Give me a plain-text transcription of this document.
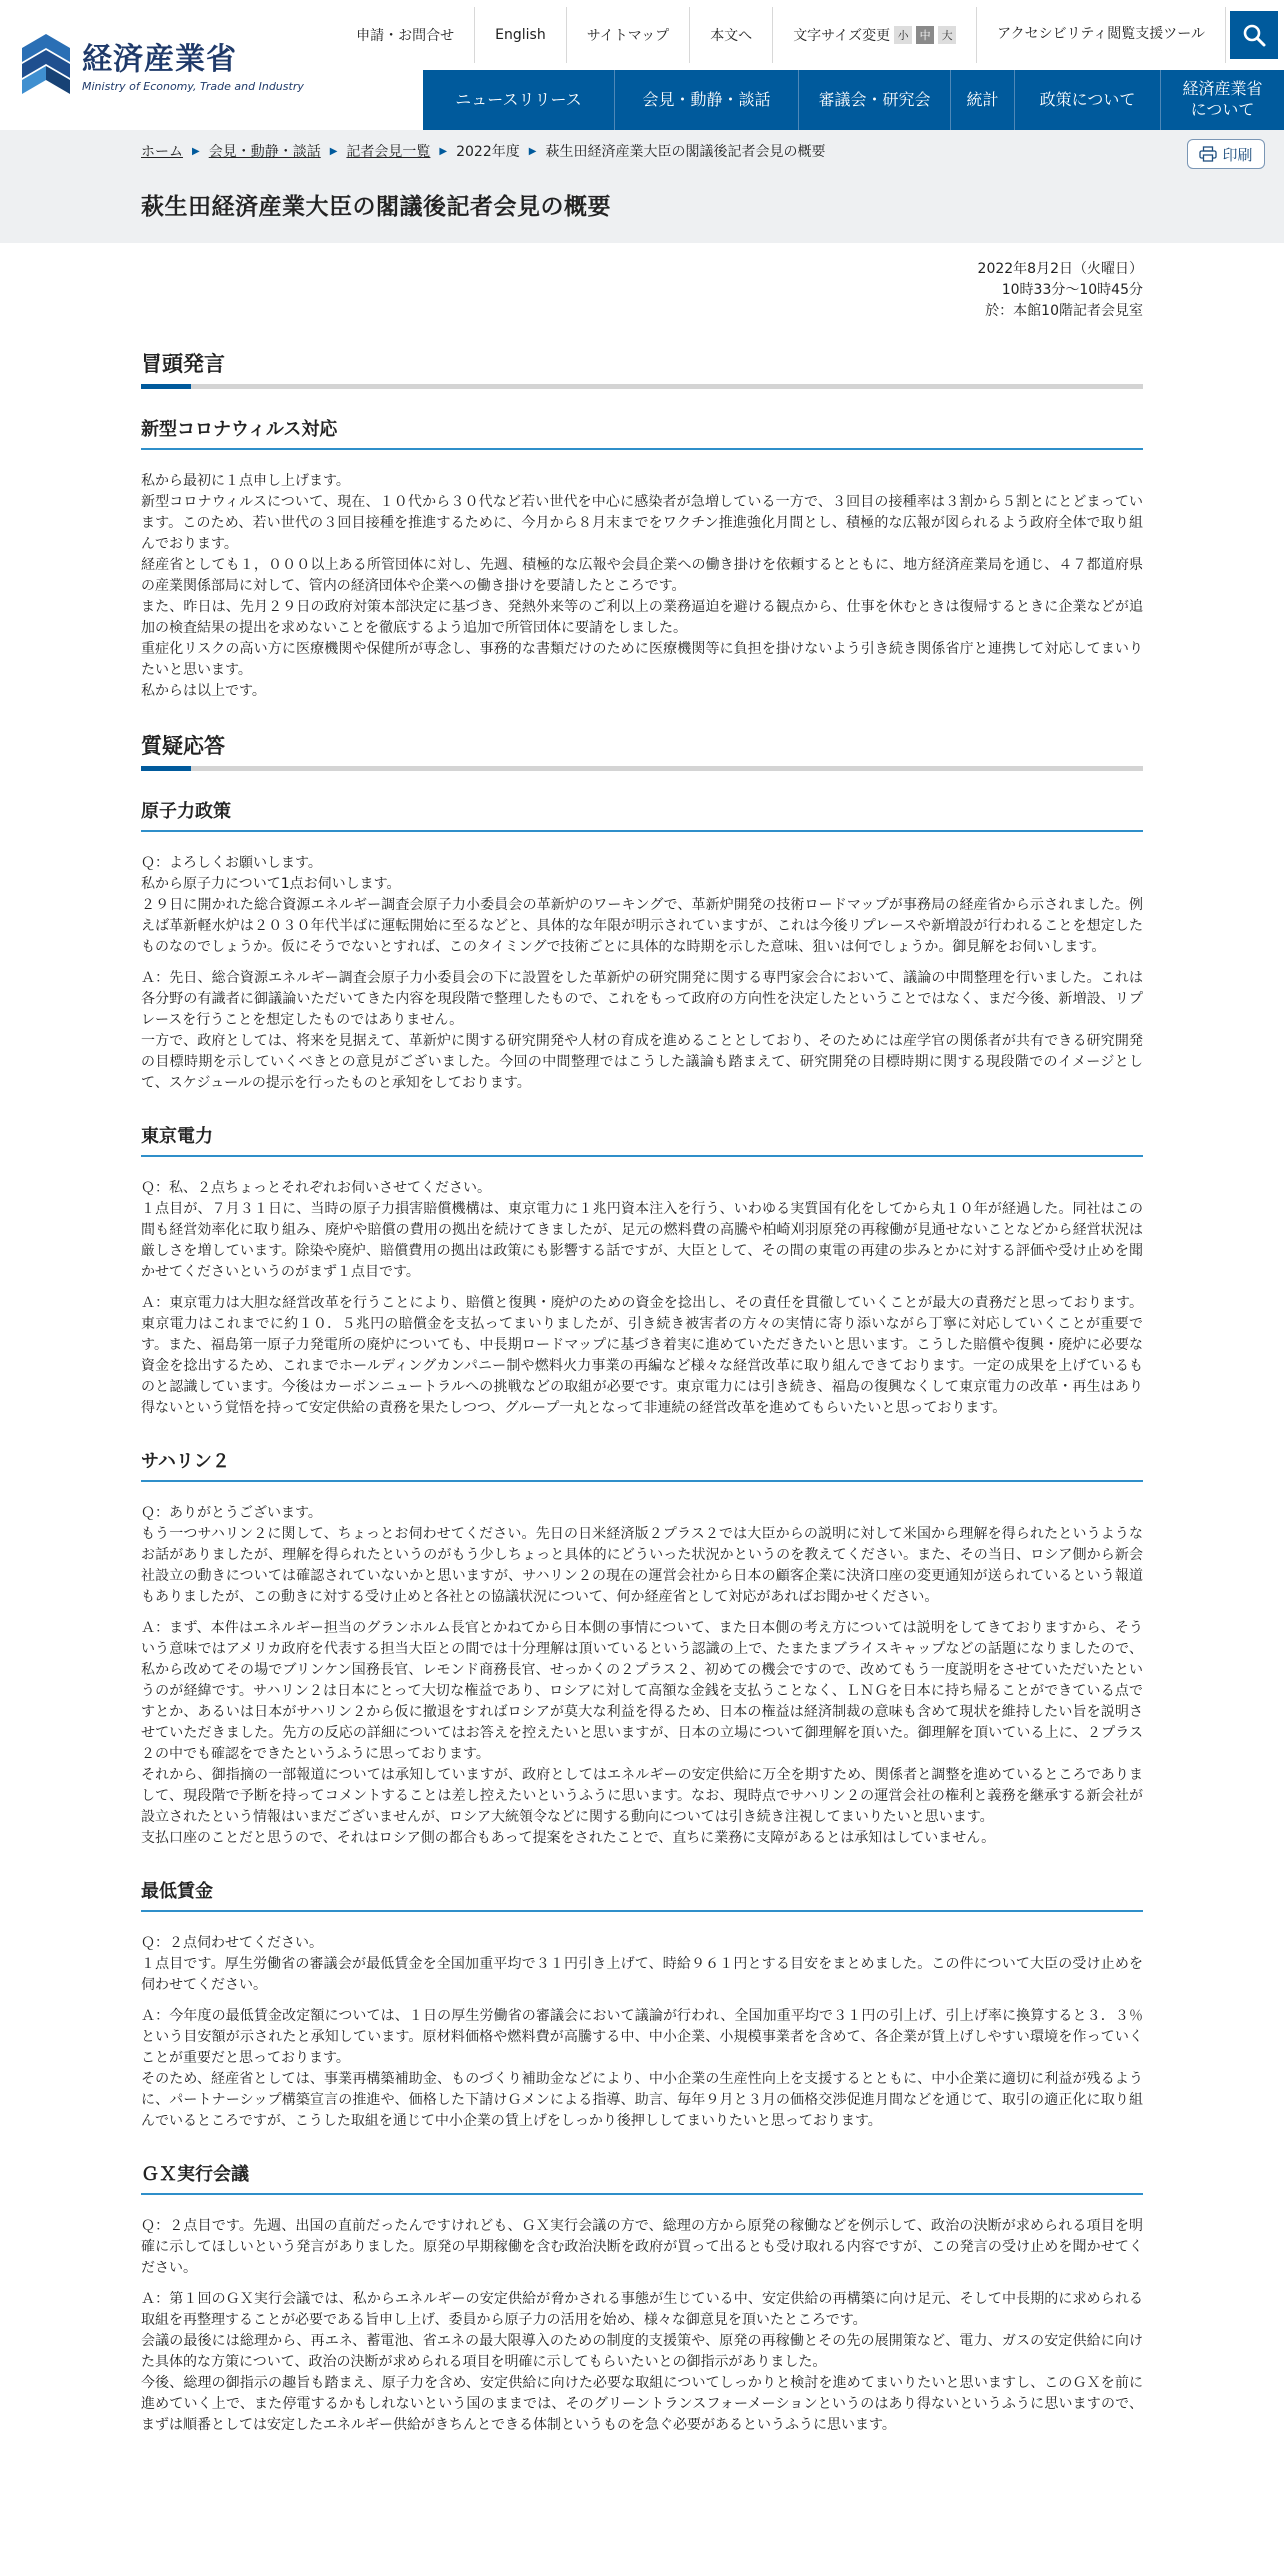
経済産業省
Ministry of Economy, Trade and Industry
申請・お問合せ	English	サイトマップ	本文へ	文字サイズ変更 小	中	大	アクセシビリティ 閲覧支援ツール
ニュースリリース	会見・動静・談話	審議会・研究会	統計	政策について
経済産業省
について
ホーム ▶ 会見・動静・談話 ▶ 記者会見一覧 ▶ 2022年度 ▶ 萩生田経済産業大臣の閣議後記者会見の概要	印刷
萩生田経済産業大臣の閣議後記者会見の概要
2022年8月2日（火曜日）
10時33分～10時45分
於：本館10階記者会見室
冒頭発言
新型コロナウィルス対応

私から最初に１点申し上げます。

新型コロナウィルスについて、現在、１０代から３０代など若い世代を中心に感染者が急増している一方で、３回目の接種率は３割から５割とにとどまっています。このため、若い世代の３回目接種を推進するために、今月から８月末までをワクチン推進強化月間とし、積極的な広報が図られるよう政府全体で取り組んでおります。

経産省としても１，０００以上ある所管団体に対し、先週、積極的な広報や会員企業への働き掛けを依頼するとともに、地方経済産業局を通じ、４７都道府県の産業関係部局に対して、管内の経済団体や企業への働き掛けを要請したところです。

また、昨日は、先月２９日の政府対策本部決定に基づき、発熱外来等のご利以上の業務逼迫を避ける観点から、仕事を休むときは復帰するときに企業などが追加の検査結果の提出を求めないことを徹底するよう追加で所管団体に要請をしました。

重症化リスクの高い方に医療機関や保健所が専念し、事務的な書類だけのために医療機関等に負担を掛けないよう引き続き関係省庁と連携して対応してまいりたいと思います。

私からは以上です。

質疑応答
原子力政策

Ｑ：よろしくお願いします。

私から原子力について1点お伺いします。

２９日に開かれた総合資源エネルギー調査会原子力小委員会の革新炉のワーキングで、革新炉開発の技術ロードマップが事務局の経産省から示されました。例えば革新軽水炉は２０３０年代半ばに運転開始に至るなどと、具体的な年限が明示されていますが、これは今後リプレースや新増設が行われることを想定したものなのでしょうか。仮にそうでないとすれば、このタイミングで技術ごとに具体的な時期を示した意味、狙いは何でしょうか。御見解をお伺いします。

Ａ：先日、総合資源エネルギー調査会原子力小委員会の下に設置をした革新炉の研究開発に関する専門家会合において、議論の中間整理を行いました。これは各分野の有識者に御議論いただいてきた内容を現段階で整理したもので、これをもって政府の方向性を決定したということではなく、まだ今後、新増設、リプレースを行うことを想定したものではありません。

一方で、政府としては、将来を見据えて、革新炉に関する研究開発や人材の育成を進めることとしており、そのためには産学官の関係者が共有できる研究開発の目標時期を示していくべきとの意見がございました。今回の中間整理ではこうした議論も踏まえて、研究開発の目標時期に関する現段階でのイメージとして、スケジュールの提示を行ったものと承知をしております。

東京電力

Ｑ：私、２点ちょっとそれぞれお伺いさせてください。

１点目が、７月３１日に、当時の原子力損害賠償機構は、東京電力に１兆円資本注入を行う、いわゆる実質国有化をしてから丸１０年が経過した。同社はこの間も経営効率化に取り組み、廃炉や賠償の費用の拠出を続けてきましたが、足元の燃料費の高騰や柏崎刈羽原発の再稼働が見通せないことなどから経営状況は厳しさを増しています。除染や廃炉、賠償費用の拠出は政策にも影響する話ですが、大臣として、その間の東電の再建の歩みとかに対する評価や受け止めを聞かせてくださいというのがまず１点目です。

Ａ：東京電力は大胆な経営改革を行うことにより、賠償と復興・廃炉のための資金を捻出し、その責任を貫徹していくことが最大の責務だと思っております。東京電力はこれまでに約１０．５兆円の賠償金を支払ってまいりましたが、引き続き被害者の方々の実情に寄り添いながら丁寧に対応していくことが重要です。また、福島第一原子力発電所の廃炉についても、中長期ロードマップに基づき着実に進めていただきたいと思います。こうした賠償や復興・廃炉に必要な資金を捻出するため、これまでホールディングカンパニー制や燃料火力事業の再編など様々な経営改革に取り組んできております。一定の成果を上げているものと認識しています。今後はカーボンニュートラルへの挑戦などの取組が必要です。東京電力には引き続き、福島の復興なくして東京電力の改革・再生はあり得ないという覚悟を持って安定供給の責務を果たしつつ、グループ一丸となって非連続の経営改革を進めてもらいたいと思っております。

サハリン２

Ｑ：ありがとうございます。

もう一つサハリン２に関して、ちょっとお伺わせてください。先日の日米経済版２プラス２では大臣からの説明に対して米国から理解を得られたというようなお話がありましたが、理解を得られたというのがもう少しちょっと具体的にどういった状況かというのを教えてください。また、その当日、ロシア側から新会社設立の動きについては確認されていないかと思いますが、サハリン２の現在の運営会社から日本の顧客企業に決済口座の変更通知が送られているという報道もありましたが、この動きに対する受け止めと各社との協議状況について、何か経産省として対応があればお聞かせください。

Ａ：まず、本件はエネルギー担当のグランホルム長官とかねてから日本側の事情について、また日本側の考え方については説明をしてきておりますから、そういう意味ではアメリカ政府を代表する担当大臣との間では十分理解は頂いているという認識の上で、たまたまブライスキャップなどの話題になりましたので、私から改めてその場でブリンケン国務長官、レモンド商務長官、せっかくの２プラス２、初めての機会ですので、改めてもう一度説明をさせていただいたというのが経緯です。サハリン２は日本にとって大切な権益であり、ロシアに対して高額な金銭を支払うことなく、ＬＮＧを日本に持ち帰ることができている点ですとか、あるいは日本がサハリン２から仮に撤退をすればロシアが莫大な利益を得るため、日本の権益は経済制裁の意味も含めて現状を維持したい旨を説明させていただきました。先方の反応の詳細についてはお答えを控えたいと思いますが、日本の立場について御理解を頂いた。御理解を頂いている上に、２プラス２の中でも確認をできたというふうに思っております。

それから、御指摘の一部報道については承知していますが、政府としてはエネルギーの安定供給に万全を期すため、関係者と調整を進めているところでありまして、現段階で予断を持ってコメントすることは差し控えたいというふうに思います。なお、現時点でサハリン２の運営会社の権利と義務を継承する新会社が設立されたという情報はいまだございませんが、ロシア大統領令などに関する動向については引き続き注視してまいりたいと思います。

支払口座のことだと思うので、それはロシア側の都合もあって提案をされたことで、直ちに業務に支障があるとは承知はしていません。

最低賃金

Ｑ：２点伺わせてください。

１点目です。厚生労働省の審議会が最低賃金を全国加重平均で３１円引き上げて、時給９６１円とする目安をまとめました。この件について大臣の受け止めを伺わせてください。

Ａ：今年度の最低賃金改定額については、１日の厚生労働省の審議会において議論が行われ、全国加重平均で３１円の引上げ、引上げ率に換算すると３．３％という目安額が示されたと承知しています。原材料価格や燃料費が高騰する中、中小企業、小規模事業者を含めて、各企業が賃上げしやすい環境を作っていくことが重要だと思っております。

そのため、経産省としては、事業再構築補助金、ものづくり補助金などにより、中小企業の生産性向上を支援するとともに、中小企業に適切に利益が残るように、パートナーシップ構築宣言の推進や、価格した下請けＧメンによる指導、助言、毎年９月と３月の価格交渉促進月間などを通じて、取引の適正化に取り組んでいるところですが、こうした取組を通じて中小企業の賃上げをしっかり後押ししてまいりたいと思っております。

ＧＸ実行会議

Ｑ：２点目です。先週、出国の直前だったんですけれども、ＧＸ実行会議の方で、総理の方から原発の稼働などを例示して、政治の決断が求められる項目を明確に示してほしいという発言がありました。原発の早期稼働を含む政治決断を政府が買って出るとも受け取れる内容ですが、この発言の受け止めを聞かせてください。

Ａ：第１回のＧＸ実行会議では、私からエネルギーの安定供給が脅かされる事態が生じている中、安定供給の再構築に向け足元、そして中長期的に求められる取組を再整理することが必要である旨申し上げ、委員から原子力の活用を始め、様々な御意見を頂いたところです。

会議の最後には総理から、再エネ、蓄電池、省エネの最大限導入のための制度的支援策や、原発の再稼働とその先の展開策など、電力、ガスの安定供給に向けた具体的な方策について、政治の決断が求められる項目を明確に示してもらいたいとの御指示がありました。

今後、総理の御指示の趣旨も踏まえ、原子力を含め、安定供給に向けた必要な取組についてしっかりと検討を進めてまいりたいと思いますし、このＧＸを前に進めていく上で、また停電するかもしれないという国のままでは、そのグリーントランスフォーメーションというのはあり得ないというふうに思いますので、まずは順番としては安定したエネルギー供給がきちんとできる体制というものを急ぐ必要があるというふうに思います。
